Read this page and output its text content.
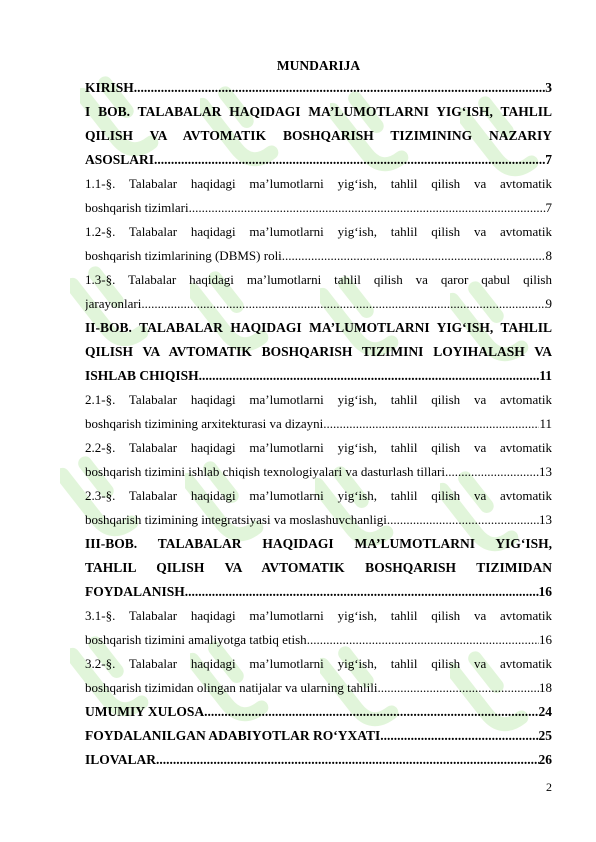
MUNDARIJA
KIRISH .....	3
I BOB. TALABALAR HAQIDAGI MA’LUMOTLARNI YIG‘ISH, TAHLIL
QILISH VA AVTOMATIK BOSHQARISH TIZIMINING NAZARIY
ASOSLARI .....	7
1.1-§. Talabalar haqidagi ma’lumotlarni yig‘ish, tahlil qilish va avtomatik
boshqarish tizimlari .....	7
1.2-§. Talabalar haqidagi ma’lumotlarni yig‘ish, tahlil qilish va avtomatik
boshqarish tizimlarining (DBMS) roli .....	8
1.3-§. Talabalar haqidagi ma’lumotlarni tahlil qilish va qaror qabul qilish
jarayonlari .....	9
II-BOB. TALABALAR HAQIDAGI MA’LUMOTLARNI YIG‘ISH, TAHLIL
QILISH VA AVTOMATIK BOSHQARISH TIZIMINI LOYIHALASH VA
ISHLAB CHIQISH .....	11
2.1-§. Talabalar haqidagi ma’lumotlarni yig‘ish, tahlil qilish va avtomatik
boshqarish tizimining arxitekturasi va dizayni .....	11
2.2-§. Talabalar haqidagi ma’lumotlarni yig‘ish, tahlil qilish va avtomatik
boshqarish tizimini ishlab chiqish texnologiyalari va dasturlash tillari .....	13
2.3-§. Talabalar haqidagi ma’lumotlarni yig‘ish, tahlil qilish va avtomatik
boshqarish tizimining integratsiyasi va moslashuvchanligi .....	13
III-BOB. TALABALAR HAQIDAGI MA’LUMOTLARNI YIG‘ISH,
TAHLIL QILISH VA AVTOMATIK BOSHQARISH TIZIMIDAN
FOYDALANISH .....	16
3.1-§. Talabalar haqidagi ma’lumotlarni yig‘ish, tahlil qilish va avtomatik
boshqarish tizimini amaliyotga tatbiq etish .....	16
3.2-§. Talabalar haqidagi ma’lumotlarni yig‘ish, tahlil qilish va avtomatik
boshqarish tizimidan olingan natijalar va ularning tahlili .....	18
UMUMIY XULOSA .....	24
FOYDALANILGAN ADABIYOTLAR RO‘YXATI .....	25
ILOVALAR .....	26
2
